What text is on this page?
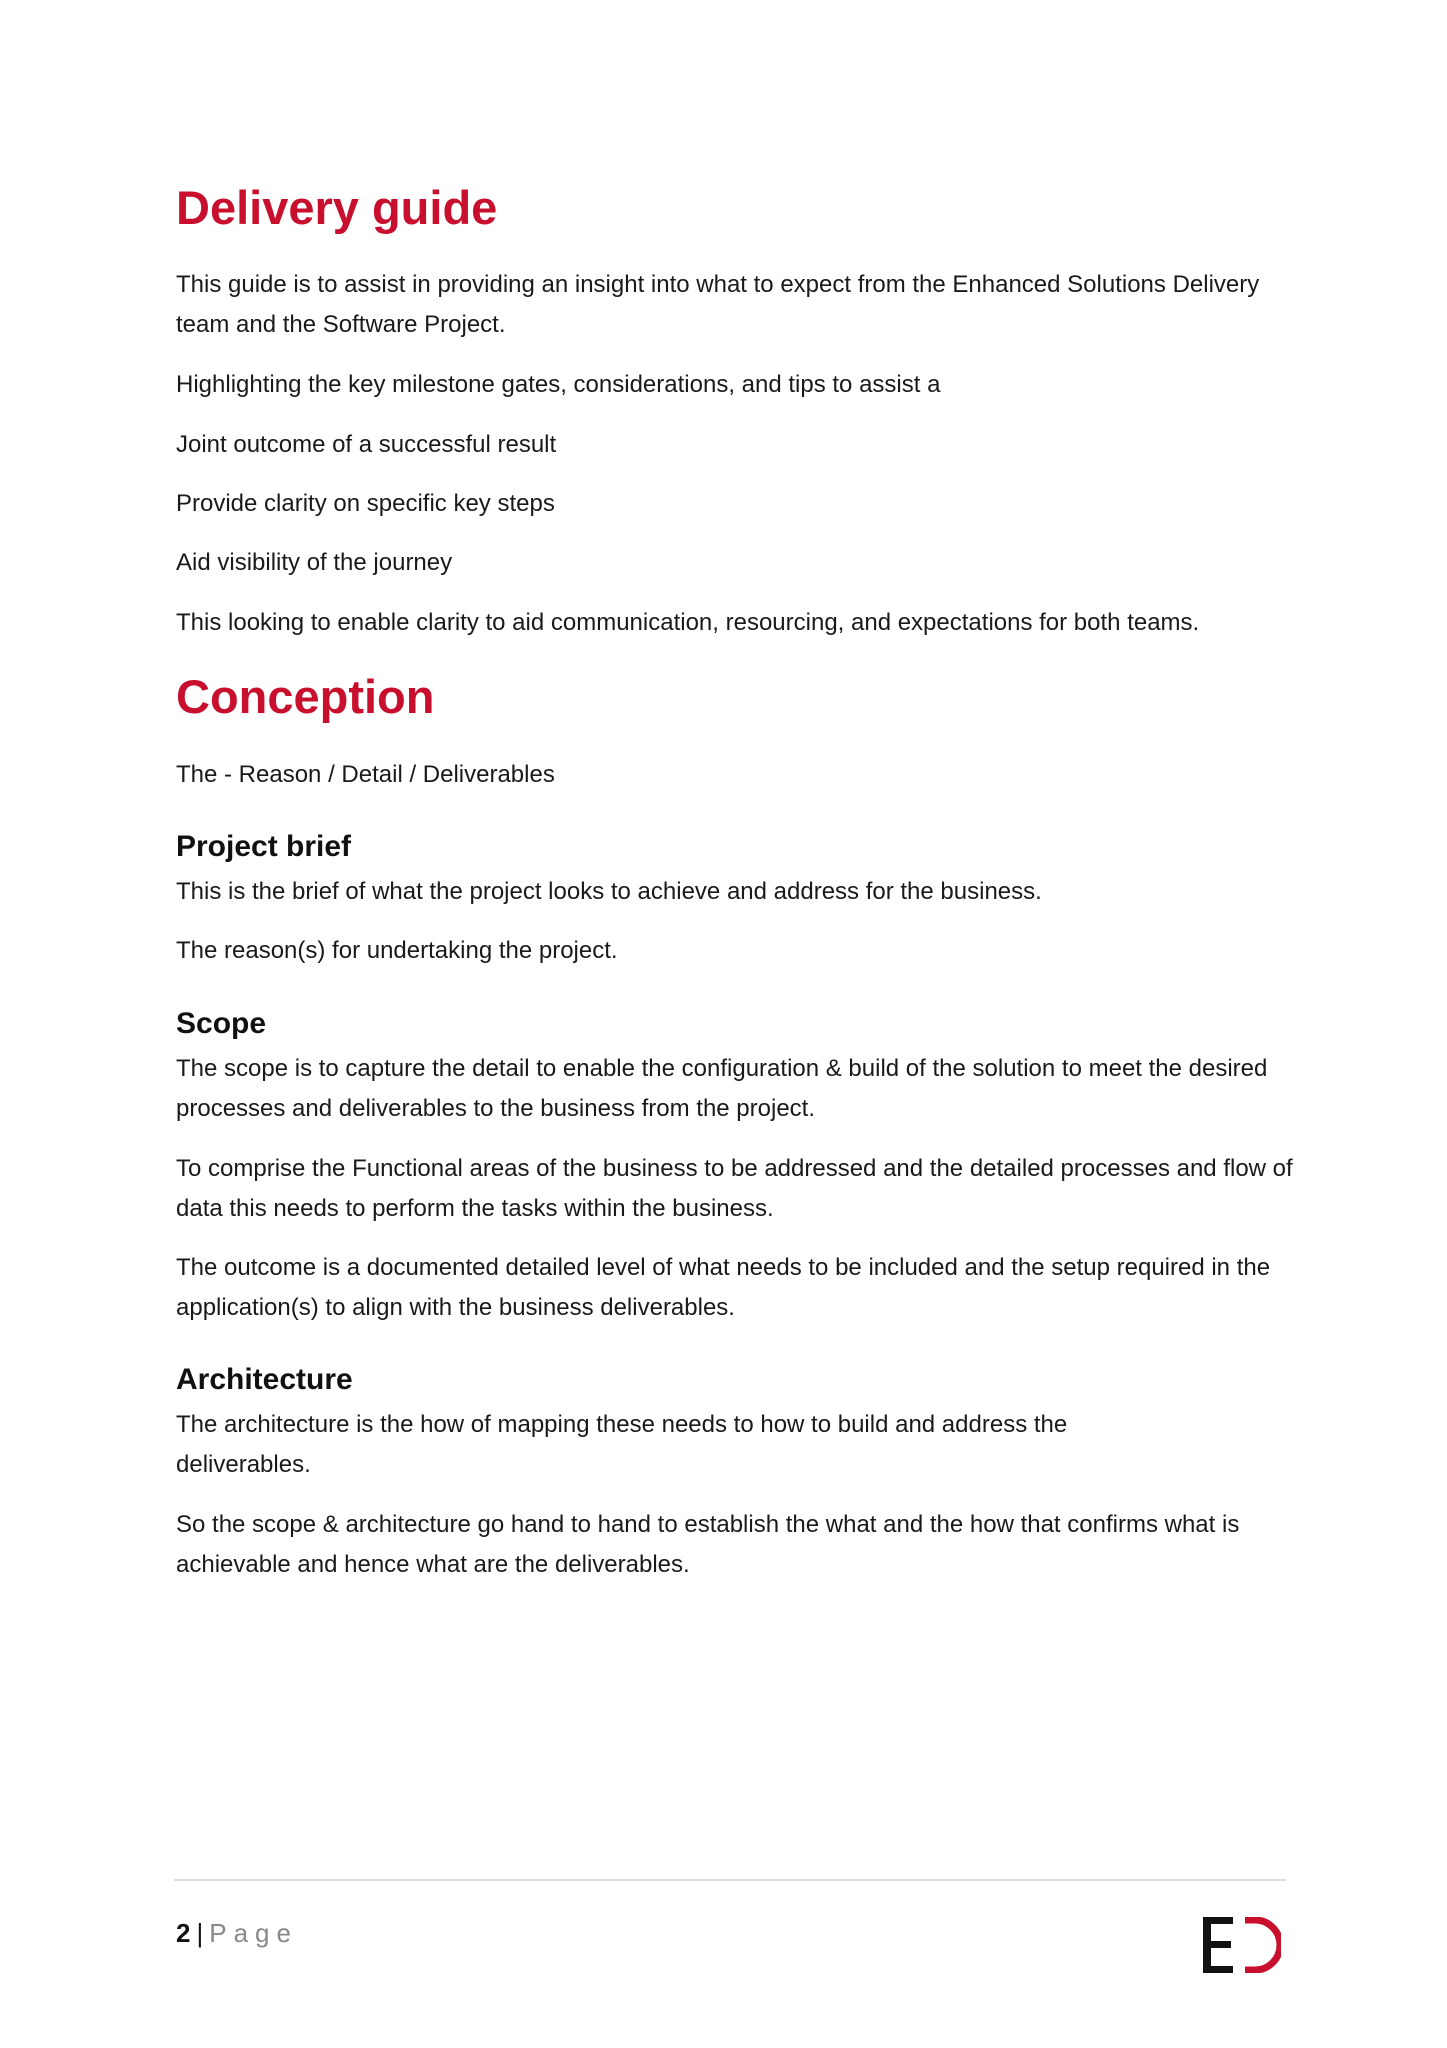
Delivery guide

This guide is to assist in providing an insight into what to expect from the Enhanced Solutions Delivery team and the Software Project.

Highlighting the key milestone gates, considerations, and tips to assist a

Joint outcome of a successful result

Provide clarity on specific key steps

Aid visibility of the journey

This looking to enable clarity to aid communication, resourcing, and expectations for both teams.

Conception

The - Reason / Detail / Deliverables

Project brief

This is the brief of what the project looks to achieve and address for the business.

The reason(s) for undertaking the project.

Scope

The scope is to capture the detail to enable the configuration & build of the solution to meet the desired processes and deliverables to the business from the project.

To comprise the Functional areas of the business to be addressed and the detailed processes and flow of data this needs to perform the tasks within the business.

The outcome is a documented detailed level of what needs to be included and the setup required in the application(s) to align with the business deliverables.

Architecture

The architecture is the how of mapping these needs to how to build and address the deliverables.

So the scope & architecture go hand to hand to establish the what and the how that confirms what is achievable and hence what are the deliverables.

2 | Page
